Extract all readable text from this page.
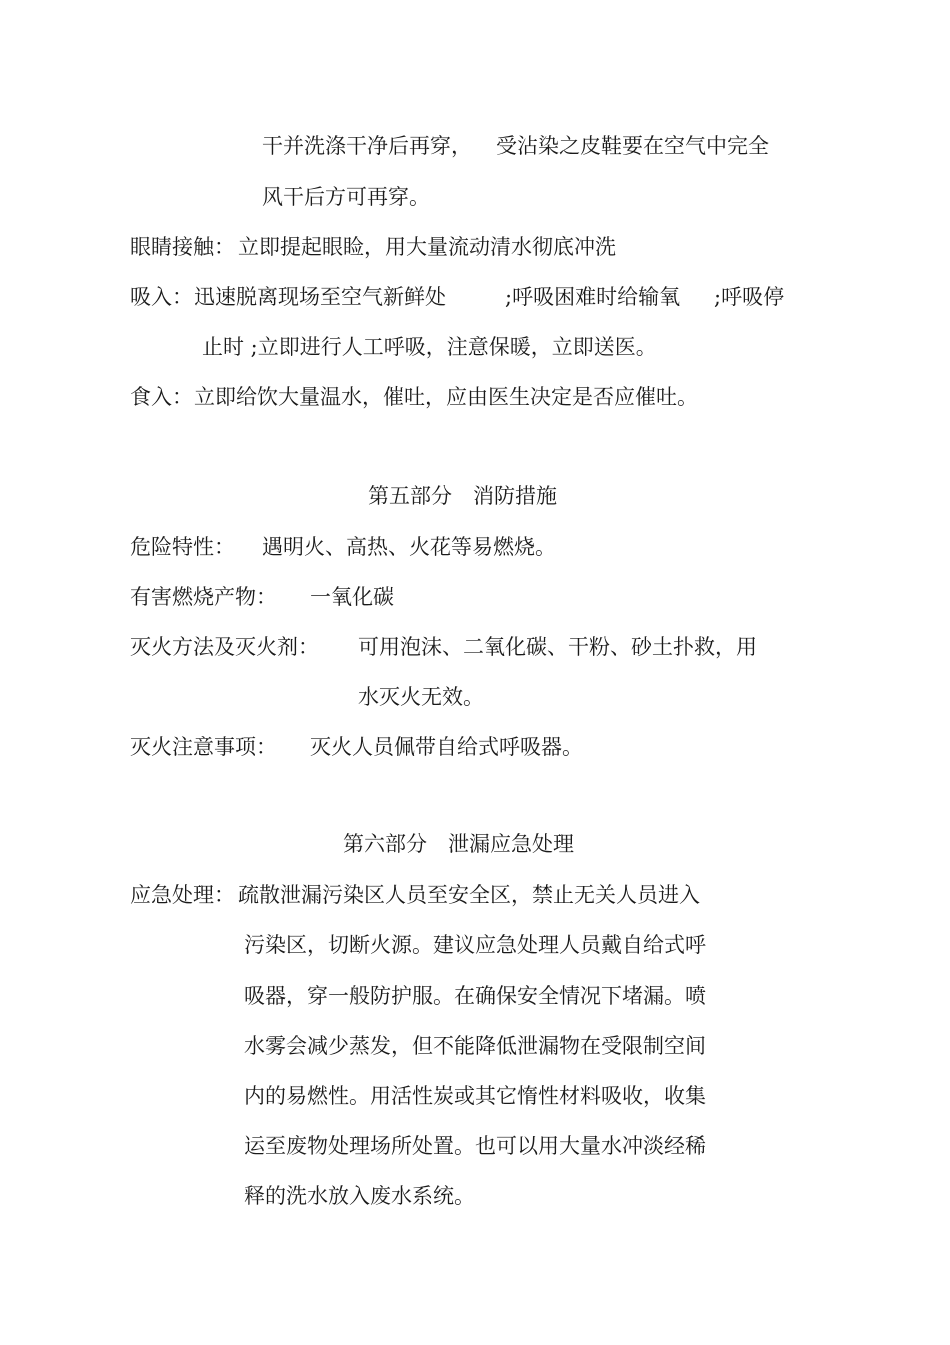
干并洗涤干净后再穿， 受沾染之皮鞋要在空气中完全
风干后方可再穿。
眼睛接触： 立即提起眼睑，用大量流动清水彻底冲洗
吸入： 迅速脱离现场至空气新鲜处	;呼吸困难时给输氧 ;呼吸停
止时 ;立即进行人工呼吸，注意保暖，立即送医。
食入： 立即给饮大量温水，催吐，应由医生决定是否应催吐。
第五部分　消防措施
危险特性： 遇明火、高热、火花等易燃烧。
有害燃烧产物： 一氧化碳
灭火方法及灭火剂： 可用泡沫、二氧化碳、干粉、砂土扑救，用
水灭火无效。
灭火注意事项： 灭火人员佩带自给式呼吸器。
第六部分　泄漏应急处理
应急处理： 疏散泄漏污染区人员至安全区，禁止无关人员进入
污染区，切断火源。建议应急处理人员戴自给式呼
吸器，穿一般防护服。在确保安全情况下堵漏。喷
水雾会减少蒸发，但不能降低泄漏物在受限制空间
内的易燃性。用活性炭或其它惰性材料吸收，收集
运至废物处理场所处置。也可以用大量水冲淡经稀
释的洗水放入废水系统。
